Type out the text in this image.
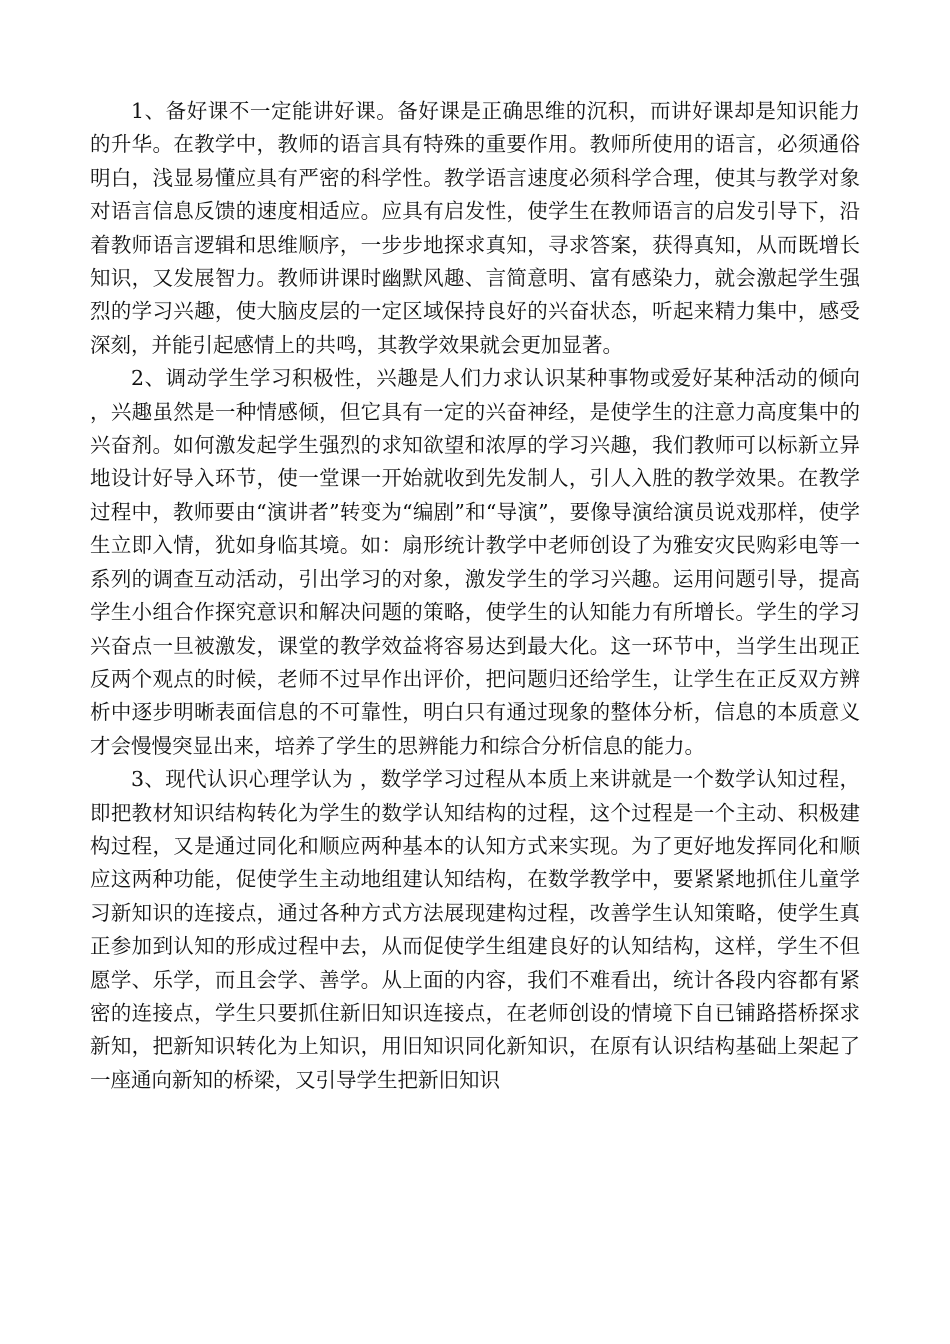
1、备好课不一定能讲好课。备好课是正确思维的沉积，而讲好课却是知识能力的升华。在教学中，教师的语言具有特殊的重要作用。教师所使用的语言，必须通俗明白，浅显易懂应具有严密的科学性。教学语言速度必须科学合理，使其与教学对象对语言信息反馈的速度相适应。应具有启发性，使学生在教师语言的启发引导下，沿着教师语言逻辑和思维顺序，一步步地探求真知，寻求答案，获得真知，从而既增长知识，又发展智力。教师讲课时幽默风趣、言简意明、富有感染力，就会激起学生强烈的学习兴趣，使大脑皮层的一定区域保持良好的兴奋状态，听起来精力集中，感受深刻，并能引起感情上的共鸣，其教学效果就会更加显著。

2、调动学生学习积极性，兴趣是人们力求认识某种事物或爱好某种活动的倾向，兴趣虽然是一种情感倾，但它具有一定的兴奋神经，是使学生的注意力高度集中的兴奋剂。如何激发起学生强烈的求知欲望和浓厚的学习兴趣，我们教师可以标新立异地设计好导入环节，使一堂课一开始就收到先发制人，引人入胜的教学效果。在教学过程中，教师要由“演讲者”转变为“编剧”和“导演”，要像导演给演员说戏那样，使学生立即入情，犹如身临其境。如：扇形统计教学中老师创设了为雅安灾民购彩电等一系列的调查互动活动，引出学习的对象，激发学生的学习兴趣。运用问题引导，提高学生小组合作探究意识和解决问题的策略，使学生的认知能力有所增长。学生的学习兴奋点一旦被激发，课堂的教学效益将容易达到最大化。这一环节中，当学生出现正反两个观点的时候，老师不过早作出评价，把问题归还给学生，让学生在正反双方辨析中逐步明晰表面信息的不可靠性，明白只有通过现象的整体分析，信息的本质意义才会慢慢突显出来，培养了学生的思辨能力和综合分析信息的能力。

3、现代认识心理学认为 ，数学学习过程从本质上来讲就是一个数学认知过程，即把教材知识结构转化为学生的数学认知结构的过程，这个过程是一个主动、积极建构过程，又是通过同化和顺应两种基本的认知方式来实现。为了更好地发挥同化和顺应这两种功能，促使学生主动地组建认知结构，在数学教学中，要紧紧地抓住儿童学习新知识的连接点，通过各种方式方法展现建构过程，改善学生认知策略，使学生真正参加到认知的形成过程中去，从而促使学生组建良好的认知结构，这样，学生不但愿学、乐学，而且会学、善学。从上面的内容，我们不难看出，统计各段内容都有紧密的连接点，学生只要抓住新旧知识连接点，在老师创设的情境下自已铺路搭桥探求新知，把新知识转化为上知识，用旧知识同化新知识，在原有认识结构基础上架起了一座通向新知的桥梁，又引导学生把新旧知识
